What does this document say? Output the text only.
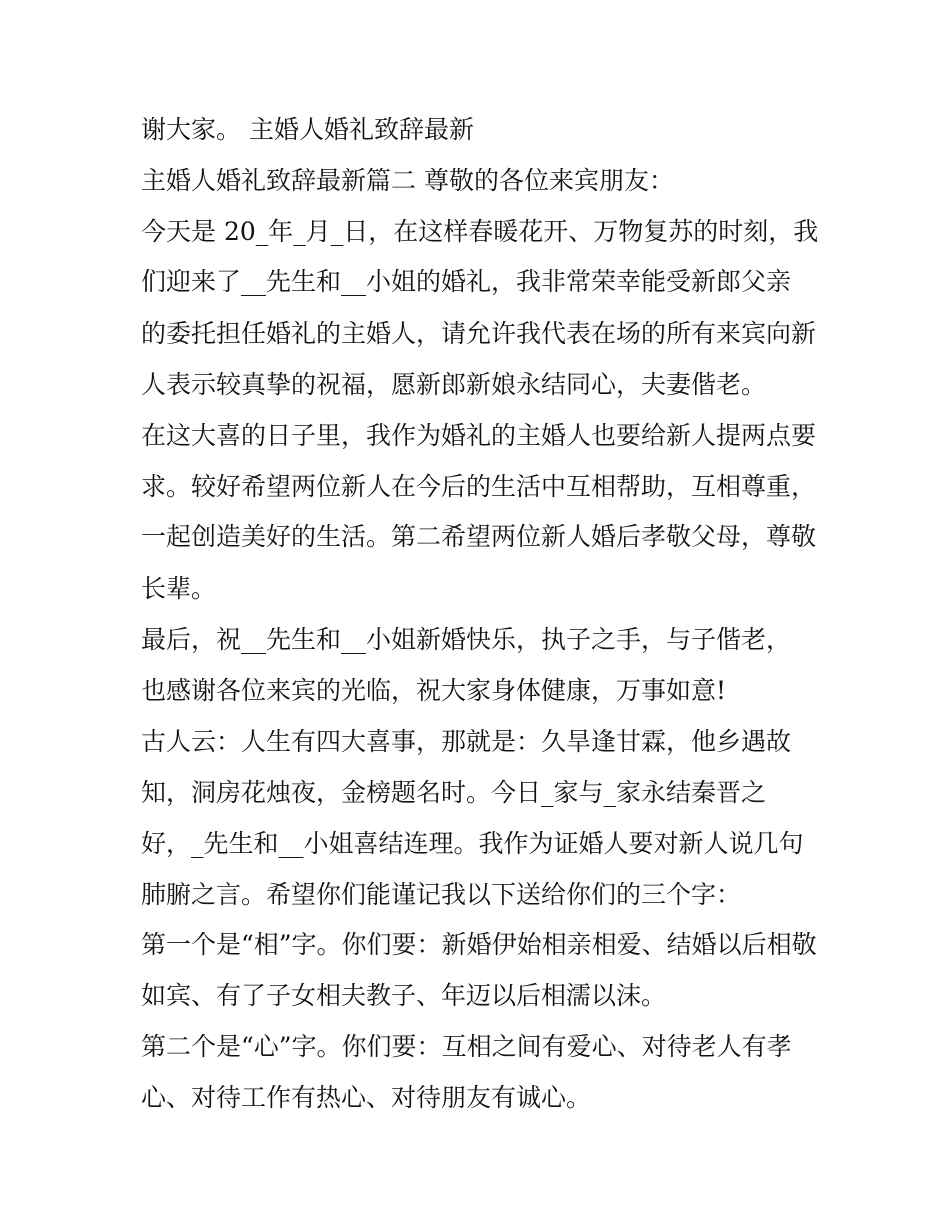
谢大家。 主婚人婚礼致辞最新
主婚人婚礼致辞最新篇二 尊敬的各位来宾朋友：
今天是 20_年_月_日，在这样春暖花开、万物复苏的时刻，我
们迎来了__先生和__小姐的婚礼，我非常荣幸能受新郎父亲
的委托担任婚礼的主婚人，请允许我代表在场的所有来宾向新
人表示较真挚的祝福，愿新郎新娘永结同心，夫妻偕老。
在这大喜的日子里，我作为婚礼的主婚人也要给新人提两点要
求。较好希望两位新人在今后的生活中互相帮助，互相尊重，
一起创造美好的生活。第二希望两位新人婚后孝敬父母，尊敬
长辈。
最后，祝__先生和__小姐新婚快乐，执子之手，与子偕老，
也感谢各位来宾的光临，祝大家身体健康，万事如意!
古人云：人生有四大喜事，那就是：久旱逢甘霖，他乡遇故
知，洞房花烛夜，金榜题名时。今日_家与_家永结秦晋之
好，_先生和__小姐喜结连理。我作为证婚人要对新人说几句
肺腑之言。希望你们能谨记我以下送给你们的三个字：
第一个是“相”字。你们要：新婚伊始相亲相爱、结婚以后相敬
如宾、有了子女相夫教子、年迈以后相濡以沫。
第二个是“心”字。你们要：互相之间有爱心、对待老人有孝
心、对待工作有热心、对待朋友有诚心。
